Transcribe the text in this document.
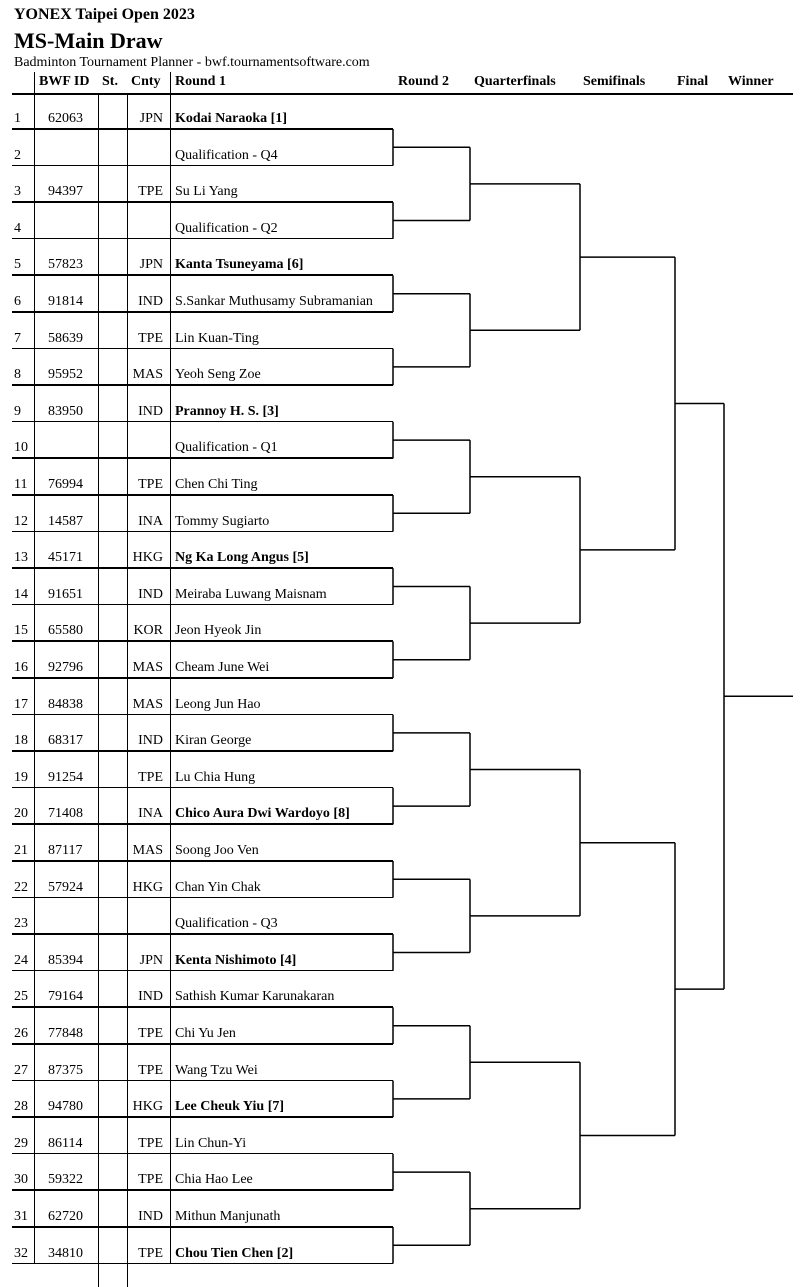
YONEX Taipei Open 2023
MS-Main Draw
Badminton Tournament Planner - bwf.tournamentsoftware.com
BWF ID St. Cnty Round 1	Round 2 Quarterfinals Semifinals Final Winner
1 62063	JPN Kodai Naraoka [1]
2	Qualification - Q4
3 94397	TPE Su Li Yang
4	Qualification - Q2
5 57823	JPN Kanta Tsuneyama [6]
6 91814	IND S.Sankar Muthusamy Subramanian
7 58639	TPE Lin Kuan-Ting
8 95952	MAS Yeoh Seng Zoe
9 83950	IND Prannoy H. S. [3]
10	Qualification - Q1
11 76994	TPE Chen Chi Ting
12 14587	INA Tommy Sugiarto
13 45171	HKG Ng Ka Long Angus [5]
14 91651	IND Meiraba Luwang Maisnam
15 65580	KOR Jeon Hyeok Jin
16 92796	MAS Cheam June Wei
17 84838	MAS Leong Jun Hao
18 68317	IND Kiran George
19 91254	TPE Lu Chia Hung
20 71408	INA Chico Aura Dwi Wardoyo [8]
21 87117	MAS Soong Joo Ven
22 57924	HKG Chan Yin Chak
23	Qualification - Q3
24 85394	JPN Kenta Nishimoto [4]
25 79164	IND Sathish Kumar Karunakaran
26 77848	TPE Chi Yu Jen
27 87375	TPE Wang Tzu Wei
28 94780	HKG Lee Cheuk Yiu [7]
29 86114	TPE Lin Chun-Yi
30 59322	TPE Chia Hao Lee
31 62720	IND Mithun Manjunath
32 34810	TPE Chou Tien Chen [2]
